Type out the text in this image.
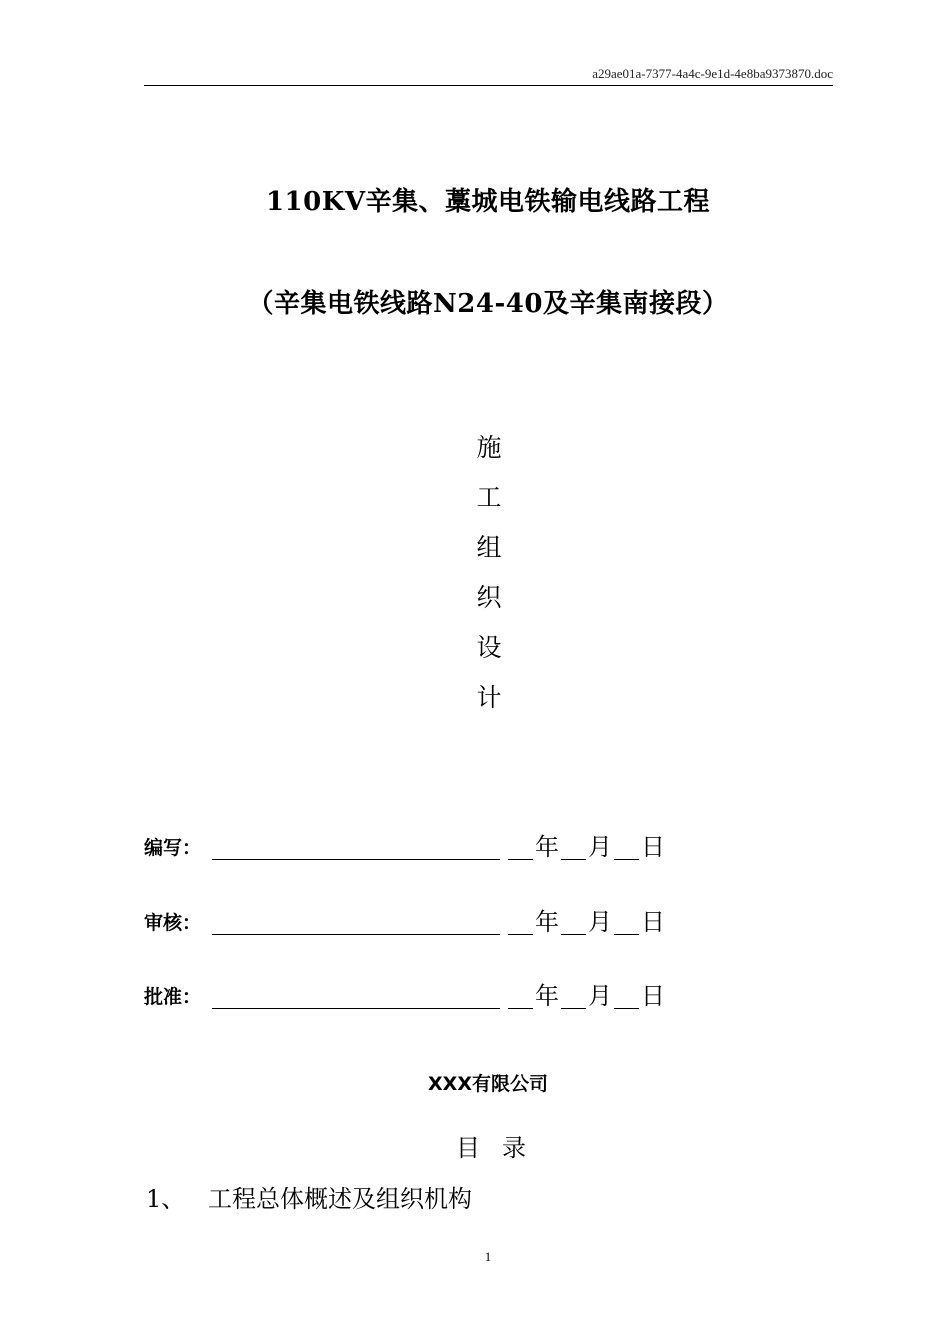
a29ae01a-7377-4a4c-9e1d-4e8ba9373870.doc
110KV辛集、藁城电铁输电线路工程
（辛集电铁线路N24-40及辛集南接段）
施
工
组
织
设
计
编写：	年 月 日
审核：	年 月 日
批准：	年 月 日
XXX有限公司
目录
1、 工程总体概述及组织机构
1
